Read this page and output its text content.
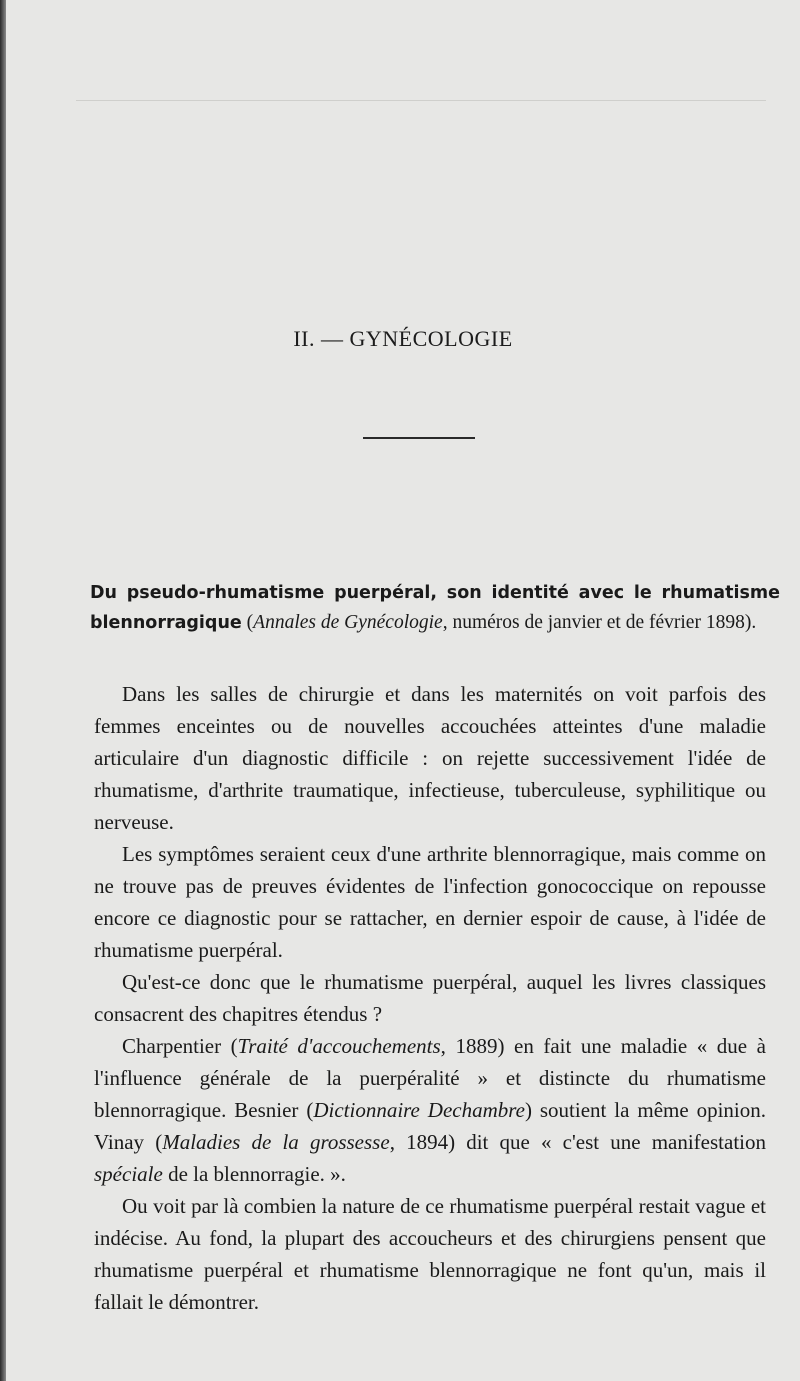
II. — GYNÉCOLOGIE
Du pseudo-rhumatisme puerpéral, son identité avec le rhumatisme blennorragique (Annales de Gynécologie, numéros de janvier et de février 1898).

Dans les salles de chirurgie et dans les maternités on voit parfois des femmes enceintes ou de nouvelles accouchées atteintes d'une maladie articulaire d'un diagnostic difficile : on rejette successivement l'idée de rhumatisme, d'arthrite traumatique, infectieuse, tuberculeuse, syphilitique ou nerveuse.

Les symptômes seraient ceux d'une arthrite blennorragique, mais comme on ne trouve pas de preuves évidentes de l'infection gonococcique on repousse encore ce diagnostic pour se rattacher, en dernier espoir de cause, à l'idée de rhumatisme puerpéral.

Qu'est-ce donc que le rhumatisme puerpéral, auquel les livres classiques consacrent des chapitres étendus ?

Charpentier (Traité d'accouchements, 1889) en fait une maladie « due à l'influence générale de la puerpéralité » et distincte du rhumatisme blennorragique. Besnier (Dictionnaire Dechambre) soutient la même opinion. Vinay (Maladies de la grossesse, 1894) dit que « c'est une manifestation spéciale de la blennorragie. ».

Ou voit par là combien la nature de ce rhumatisme puerpéral restait vague et indécise. Au fond, la plupart des accoucheurs et des chirurgiens pensent que rhumatisme puerpéral et rhumatisme blennorragique ne font qu'un, mais il fallait le démontrer.
